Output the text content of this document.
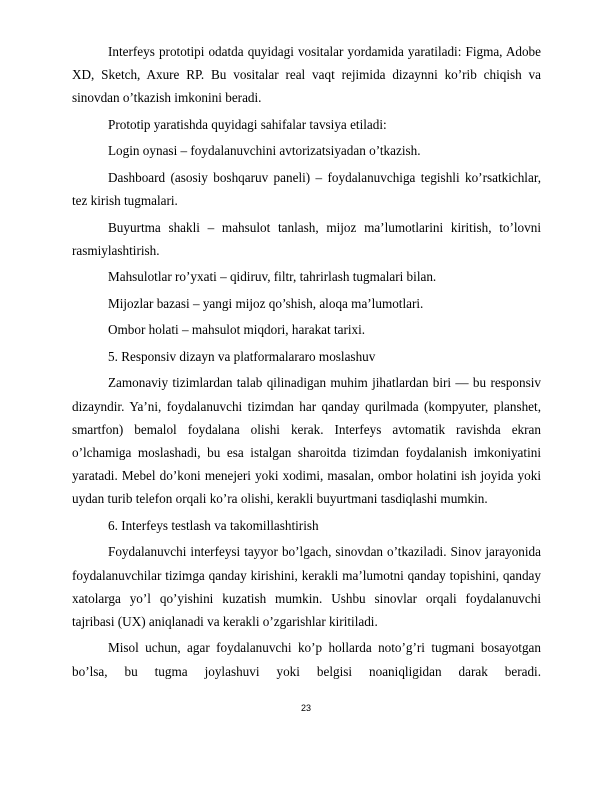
Interfeys prototipi odatda quyidagi vositalar yordamida yaratiladi: Figma, Adobe XD, Sketch, Axure RP. Bu vositalar real vaqt rejimida dizaynni ko’rib chiqish va sinovdan o’tkazish imkonini beradi.

Prototip yaratishda quyidagi sahifalar tavsiya etiladi:

Login oynasi – foydalanuvchini avtorizatsiyadan o’tkazish.

Dashboard (asosiy boshqaruv paneli) – foydalanuvchiga tegishli ko’rsatkichlar, tez kirish tugmalari.

Buyurtma shakli – mahsulot tanlash, mijoz ma’lumotlarini kiritish, to’lovni rasmiylashtirish.

Mahsulotlar ro’yxati – qidiruv, filtr, tahrirlash tugmalari bilan.

Mijozlar bazasi – yangi mijoz qo’shish, aloqa ma’lumotlari.

Ombor holati – mahsulot miqdori, harakat tarixi.

5. Responsiv dizayn va platformalararo moslashuv

Zamonaviy tizimlardan talab qilinadigan muhim jihatlardan biri — bu responsiv dizayndir. Ya’ni, foydalanuvchi tizimdan har qanday qurilmada (kompyuter, planshet, smartfon) bemalol foydalana olishi kerak. Interfeys avtomatik ravishda ekran o’lchamiga moslashadi, bu esa istalgan sharoitda tizimdan foydalanish imkoniyatini yaratadi. Mebel do’koni menejeri yoki xodimi, masalan, ombor holatini ish joyida yoki uydan turib telefon orqali ko’ra olishi, kerakli buyurtmani tasdiqlashi mumkin.

6. Interfeys testlash va takomillashtirish

Foydalanuvchi interfeysi tayyor bo’lgach, sinovdan o’tkaziladi. Sinov jarayonida foydalanuvchilar tizimga qanday kirishini, kerakli ma’lumotni qanday topishini, qanday xatolarga yo’l qo’yishini kuzatish mumkin. Ushbu sinovlar orqali foydalanuvchi tajribasi (UX) aniqlanadi va kerakli o’zgarishlar kiritiladi.

Misol uchun, agar foydalanuvchi ko’p hollarda noto’g’ri tugmani bosayotgan bo’lsa, bu tugma joylashuvi yoki belgisi noaniqligidan darak beradi.

23
